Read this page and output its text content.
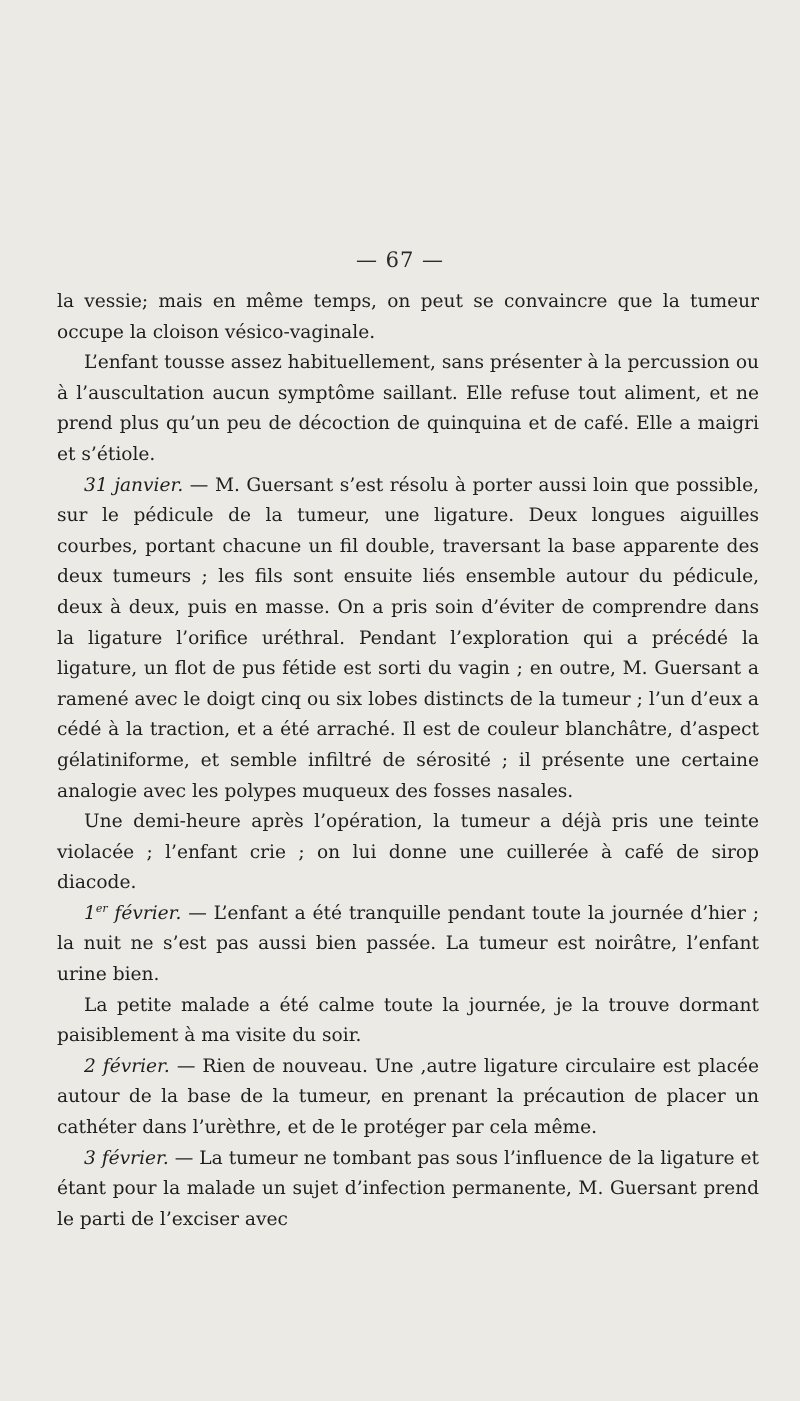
— 67 —

la vessie; mais en même temps, on peut se convaincre que la tumeur occupe la cloison vésico-vaginale.

L’enfant tousse assez habituellement, sans présenter à la percussion ou à l’auscultation aucun symptôme saillant. Elle refuse tout aliment, et ne prend plus qu’un peu de décoction de quinquina et de café. Elle a maigri et s’étiole.

31 janvier. — M. Guersant s’est résolu à porter aussi loin que possible, sur le pédicule de la tumeur, une ligature. Deux longues aiguilles courbes, portant chacune un fil double, traversant la base apparente des deux tumeurs ; les fils sont ensuite liés ensemble autour du pédicule, deux à deux, puis en masse. On a pris soin d’éviter de comprendre dans la ligature l’orifice uréthral. Pendant l’exploration qui a précédé la ligature, un flot de pus fétide est sorti du vagin ; en outre, M. Guersant a ramené avec le doigt cinq ou six lobes distincts de la tumeur ; l’un d’eux a cédé à la traction, et a été arraché. Il est de couleur blanchâtre, d’aspect gélatiniforme, et semble infiltré de sérosité ; il présente une certaine analogie avec les polypes muqueux des fosses nasales.

Une demi-heure après l’opération, la tumeur a déjà pris une teinte violacée ; l’enfant crie ; on lui donne une cuillerée à café de sirop diacode.

1er février. — L’enfant a été tranquille pendant toute la journée d’hier ; la nuit ne s’est pas aussi bien passée. La tumeur est noirâtre, l’enfant urine bien.

La petite malade a été calme toute la journée, je la trouve dormant paisiblement à ma visite du soir.

2 février. — Rien de nouveau. Une ,autre ligature circulaire est placée autour de la base de la tumeur, en prenant la précaution de placer un cathéter dans l’urèthre, et de le protéger par cela même.

3 février. — La tumeur ne tombant pas sous l’influence de la ligature et étant pour la malade un sujet d’infection permanente, M. Guersant prend le parti de l’exciser avec
